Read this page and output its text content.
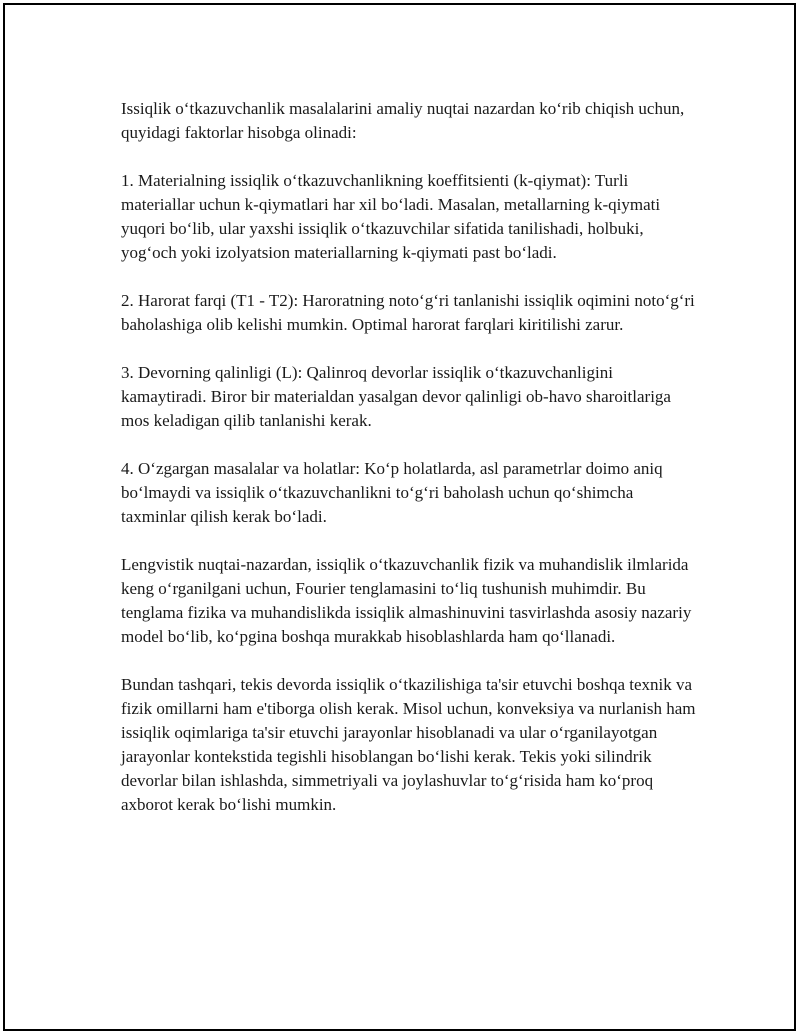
Issiqlik o‘tkazuvchanlik masalalarini amaliy nuqtai nazardan ko‘rib chiqish uchun, quyidagi faktorlar hisobga olinadi:

1. Materialning issiqlik o‘tkazuvchanlikning koeffitsienti (k-qiymat): Turli materiallar uchun k-qiymatlari har xil bo‘ladi. Masalan, metallarning k-qiymati yuqori bo‘lib, ular yaxshi issiqlik o‘tkazuvchilar sifatida tanilishadi, holbuki, yog‘och yoki izolyatsion materiallarning k-qiymati past bo‘ladi.

2. Harorat farqi (T1 - T2): Haroratning noto‘g‘ri tanlanishi issiqlik oqimini noto‘g‘ri baholashiga olib kelishi mumkin. Optimal harorat farqlari kiritilishi zarur.

3. Devorning qalinligi (L): Qalinroq devorlar issiqlik o‘tkazuvchanligini kamaytiradi. Biror bir materialdan yasalgan devor qalinligi ob-havo sharoitlariga mos keladigan qilib tanlanishi kerak.

4. O‘zgargan masalalar va holatlar: Ko‘p holatlarda, asl parametrlar doimo aniq bo‘lmaydi va issiqlik o‘tkazuvchanlikni to‘g‘ri baholash uchun qo‘shimcha taxminlar qilish kerak bo‘ladi.

Lengvistik nuqtai-nazardan, issiqlik o‘tkazuvchanlik fizik va muhandislik ilmlarida keng o‘rganilgani uchun, Fourier tenglamasini to‘liq tushunish muhimdir. Bu tenglama fizika va muhandislikda issiqlik almashinuvini tasvirlashda asosiy nazariy model bo‘lib, ko‘pgina boshqa murakkab hisoblashlarda ham qo‘llanadi.

Bundan tashqari, tekis devorda issiqlik o‘tkazilishiga ta'sir etuvchi boshqa texnik va fizik omillarni ham e'tiborga olish kerak. Misol uchun, konveksiya va nurlanish ham issiqlik oqimlariga ta'sir etuvchi jarayonlar hisoblanadi va ular o‘rganilayotgan jarayonlar kontekstida tegishli hisoblangan bo‘lishi kerak. Tekis yoki silindrik devorlar bilan ishlashda, simmetriyali va joylashuvlar to‘g‘risida ham ko‘proq axborot kerak bo‘lishi mumkin.
